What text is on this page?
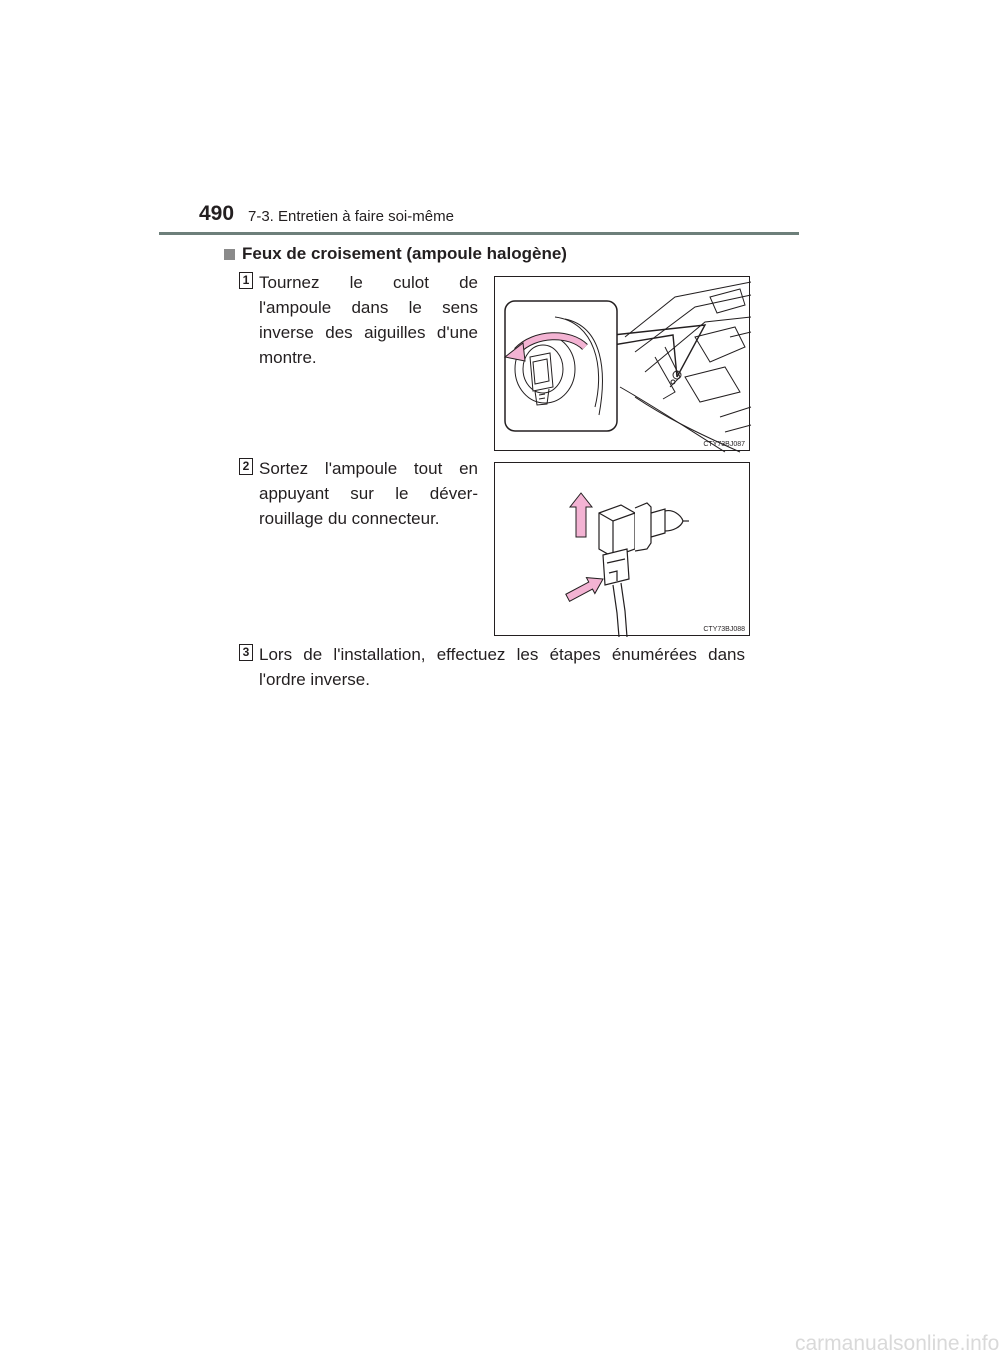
490 7-3. Entretien à faire soi-même
Feux de croisement (ampoule halogène)
1 Tournez le culot de l'ampoule dans le sens inverse des aiguilles d'une montre.
CTY73BJ087
2 Sortez l'ampoule tout en appuyant sur le déver-rouillage du connecteur.
CTY73BJ088
3 Lors de l'installation, effectuez les étapes énumérées dans l'ordre inverse.
carmanualsonline.info
